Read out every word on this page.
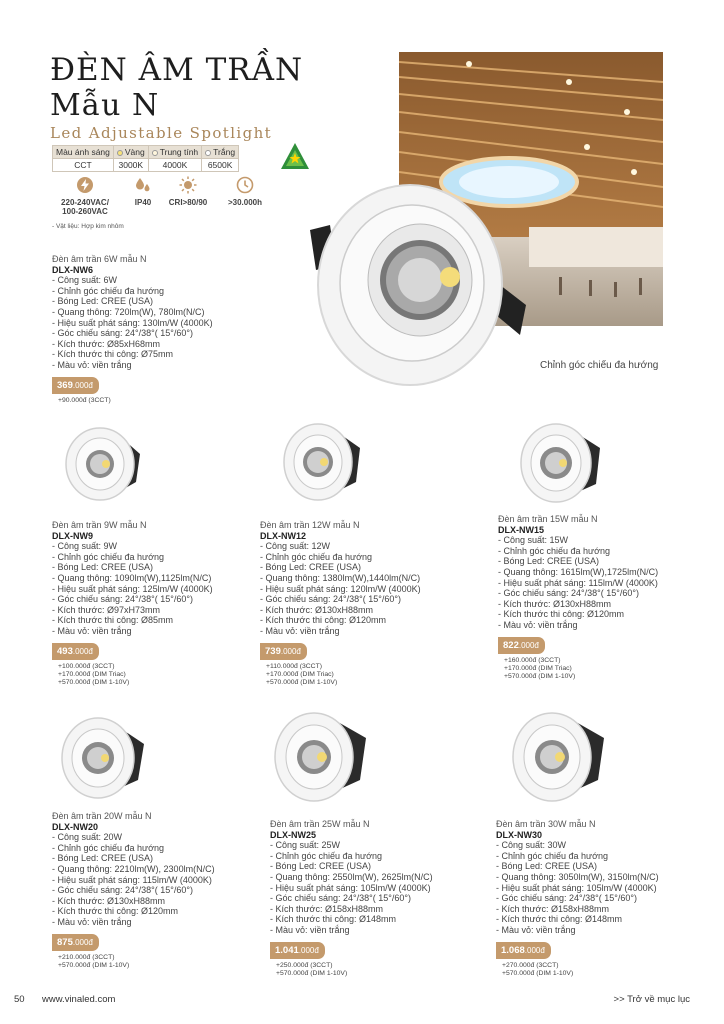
ĐÈN ÂM TRẦN
Mẫu N
Led Adjustable Spotlight
Màu ánh sáng	Vàng	Trung tính	Trắng
CCT	3000K	4000K	6500K
220-240VAC/
100-260VAC
IP40	CRI>80/90	>30.000h
- Vật liệu: Hợp kim nhôm
Chỉnh góc chiếu đa hướng
Đèn âm trần 6W mẫu N
DLX-NW6
- Công suất: 6W
- Chỉnh góc chiếu đa hướng
- Bóng Led: CREE (USA)
- Quang thông: 720lm(W), 780lm(N/C)
- Hiệu suất phát sáng: 130lm/W (4000K)
- Góc chiếu sáng: 24°/38°( 15°/60°)
- Kích thước: Ø85xH68mm
- Kích thước thi công: Ø75mm
- Màu vỏ: viền trắng
369.000đ
+90.000đ (3CCT)
Đèn âm trần 9W mẫu N
DLX-NW9
- Công suất: 9W
- Chỉnh góc chiếu đa hướng
- Bóng Led: CREE (USA)
- Quang thông: 1090lm(W),1125lm(N/C)
- Hiệu suất phát sáng: 125lm/W (4000K)
- Góc chiếu sáng: 24°/38°( 15°/60°)
- Kích thước: Ø97xH73mm
- Kích thước thi công: Ø85mm
- Màu vỏ: viền trắng
493.000đ
+100.000đ (3CCT)
+170.000đ (DIM Triac)
+570.000đ (DIM 1-10V)
Đèn âm trần 12W mẫu N
DLX-NW12
- Công suất: 12W
- Chỉnh góc chiếu đa hướng
- Bóng Led: CREE (USA)
- Quang thông: 1380lm(W),1440lm(N/C)
- Hiệu suất phát sáng: 120lm/W (4000K)
- Góc chiếu sáng: 24°/38°( 15°/60°)
- Kích thước: Ø130xH88mm
- Kích thước thi công: Ø120mm
- Màu vỏ: viền trắng
739.000đ
+110.000đ (3CCT)
+170.000đ (DIM Triac)
+570.000đ (DIM 1-10V)
Đèn âm trần 15W mẫu N
DLX-NW15
- Công suất: 15W
- Chỉnh góc chiếu đa hướng
- Bóng Led: CREE (USA)
- Quang thông: 1615lm(W),1725lm(N/C)
- Hiệu suất phát sáng: 115lm/W (4000K)
- Góc chiếu sáng: 24°/38°( 15°/60°)
- Kích thước: Ø130xH88mm
- Kích thước thi công: Ø120mm
- Màu vỏ: viền trắng
822.000đ
+160.000đ (3CCT)
+170.000đ (DIM Triac)
+570.000đ (DIM 1-10V)
Đèn âm trần 20W mẫu N
DLX-NW20
- Công suất: 20W
- Chỉnh góc chiếu đa hướng
- Bóng Led: CREE (USA)
- Quang thông: 2210lm(W), 2300lm(N/C)
- Hiệu suất phát sáng: 115lm/W (4000K)
- Góc chiếu sáng: 24°/38°( 15°/60°)
- Kích thước: Ø130xH88mm
- Kích thước thi công: Ø120mm
- Màu vỏ: viền trắng
875.000đ
+210.000đ (3CCT)
+570.000đ (DIM 1-10V)
Đèn âm trần 25W mẫu N
DLX-NW25
- Công suất: 25W
- Chỉnh góc chiếu đa hướng
- Bóng Led: CREE (USA)
- Quang thông: 2550lm(W), 2625lm(N/C)
- Hiệu suất phát sáng: 105lm/W (4000K)
- Góc chiếu sáng: 24°/38°( 15°/60°)
- Kích thước: Ø158xH88mm
- Kích thước thi công: Ø148mm
- Màu vỏ: viền trắng
1.041.000đ
+250.000đ (3CCT)
+570.000đ (DIM 1-10V)
Đèn âm trần 30W mẫu N
DLX-NW30
- Công suất: 30W
- Chỉnh góc chiếu đa hướng
- Bóng Led: CREE (USA)
- Quang thông: 3050lm(W), 3150lm(N/C)
- Hiệu suất phát sáng: 105lm/W (4000K)
- Góc chiếu sáng: 24°/38°( 15°/60°)
- Kích thước: Ø158xH88mm
- Kích thước thi công: Ø148mm
- Màu vỏ: viền trắng
1.068.000đ
+270.000đ (3CCT)
+570.000đ (DIM 1-10V)
50 www.vinaled.com	>> Trở về mục lục
